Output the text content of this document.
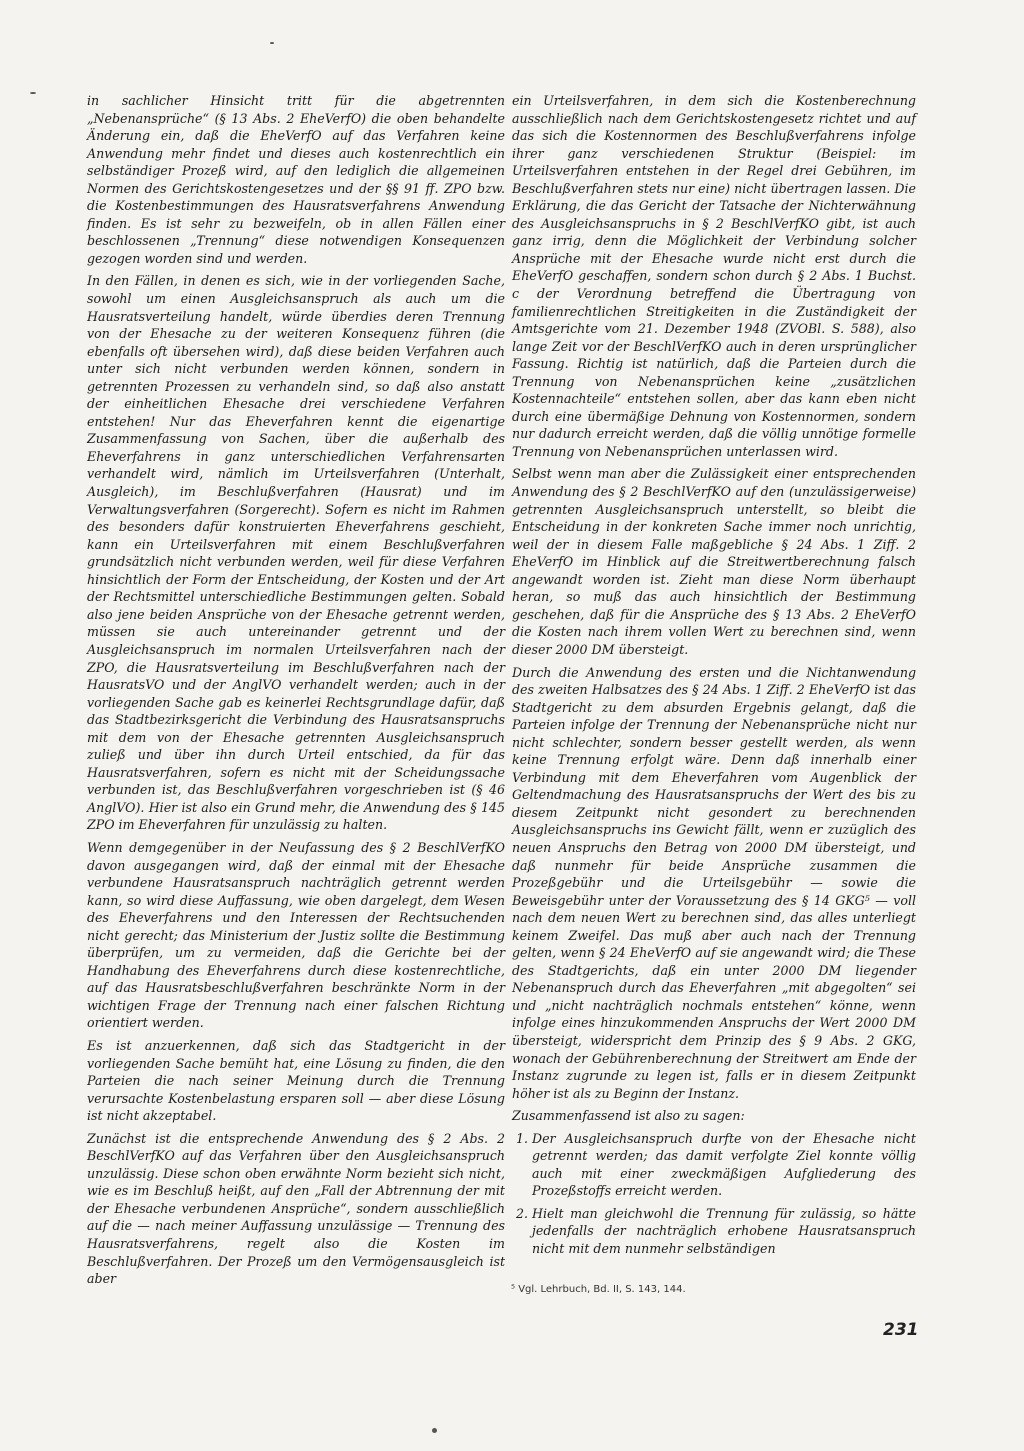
in sachlicher Hinsicht tritt für die abgetrennten „Nebenansprüche“ (§ 13 Abs. 2 EheVerfO) die oben behandelte Änderung ein, daß die EheVerfO auf das Verfahren keine Anwendung mehr findet und dieses auch kostenrechtlich ein selbständiger Prozeß wird, auf den lediglich die allgemeinen Normen des Gerichtskostengesetzes und der §§ 91 ff. ZPO bzw. die Kostenbestimmungen des Hausratsverfahrens Anwendung finden. Es ist sehr zu bezweifeln, ob in allen Fällen einer beschlossenen „Trennung“ diese notwendigen Konsequenzen gezogen worden sind und werden.

In den Fällen, in denen es sich, wie in der vorliegenden Sache, sowohl um einen Ausgleichsanspruch als auch um die Hausratsverteilung handelt, würde überdies deren Trennung von der Ehesache zu der weiteren Konsequenz führen (die ebenfalls oft übersehen wird), daß diese beiden Verfahren auch unter sich nicht verbunden werden können, sondern in getrennten Prozessen zu verhandeln sind, so daß also anstatt der einheitlichen Ehesache drei verschiedene Verfahren entstehen! Nur das Eheverfahren kennt die eigenartige Zusammenfassung von Sachen, über die außerhalb des Eheverfahrens in ganz unterschiedlichen Verfahrensarten verhandelt wird, nämlich im Urteilsverfahren (Unterhalt, Ausgleich), im Beschlußverfahren (Hausrat) und im Verwaltungsverfahren (Sorgerecht). Sofern es nicht im Rahmen des besonders dafür konstruierten Eheverfahrens geschieht, kann ein Urteilsverfahren mit einem Beschlußverfahren grundsätzlich nicht verbunden werden, weil für diese Verfahren hinsichtlich der Form der Entscheidung, der Kosten und der Art der Rechtsmittel unterschiedliche Bestimmungen gelten. Sobald also jene beiden Ansprüche von der Ehesache getrennt werden, müssen sie auch untereinander getrennt und der Ausgleichsanspruch im normalen Urteilsverfahren nach der ZPO, die Hausratsverteilung im Beschlußverfahren nach der HausratsVO und der AnglVO verhandelt werden; auch in der vorliegenden Sache gab es keinerlei Rechtsgrundlage dafür, daß das Stadtbezirksgericht die Verbindung des Hausratsanspruchs mit dem von der Ehesache getrennten Ausgleichsanspruch zuließ und über ihn durch Urteil entschied, da für das Hausratsverfahren, sofern es nicht mit der Scheidungssache verbunden ist, das Beschlußverfahren vorgeschrieben ist (§ 46 AnglVO). Hier ist also ein Grund mehr, die Anwendung des § 145 ZPO im Eheverfahren für unzulässig zu halten.

Wenn demgegenüber in der Neufassung des § 2 BeschlVerfKO davon ausgegangen wird, daß der einmal mit der Ehesache verbundene Hausratsanspruch nachträglich getrennt werden kann, so wird diese Auffassung, wie oben dargelegt, dem Wesen des Eheverfahrens und den Interessen der Rechtsuchenden nicht gerecht; das Ministerium der Justiz sollte die Bestimmung überprüfen, um zu vermeiden, daß die Gerichte bei der Handhabung des Eheverfahrens durch diese kostenrechtliche, auf das Hausratsbeschlußverfahren beschränkte Norm in der wichtigen Frage der Trennung nach einer falschen Richtung orientiert werden.

Es ist anzuerkennen, daß sich das Stadtgericht in der vorliegenden Sache bemüht hat, eine Lösung zu finden, die den Parteien die nach seiner Meinung durch die Trennung verursachte Kostenbelastung ersparen soll — aber diese Lösung ist nicht akzeptabel.

Zunächst ist die entsprechende Anwendung des § 2 Abs. 2 BeschlVerfKO auf das Verfahren über den Ausgleichsanspruch unzulässig. Diese schon oben erwähnte Norm bezieht sich nicht, wie es im Beschluß heißt, auf den „Fall der Abtrennung der mit der Ehesache verbundenen Ansprüche“, sondern ausschließlich auf die — nach meiner Auffassung unzulässige — Trennung des Hausratsverfahrens, regelt also die Kosten im Beschlußverfahren. Der Prozeß um den Vermögensausgleich ist aber

ein Urteilsverfahren, in dem sich die Kostenberechnung ausschließlich nach dem Gerichtskostengesetz richtet und auf das sich die Kostennormen des Beschlußverfahrens infolge ihrer ganz verschiedenen Struktur (Beispiel: im Urteilsverfahren entstehen in der Regel drei Gebühren, im Beschlußverfahren stets nur eine) nicht übertragen lassen. Die Erklärung, die das Gericht der Tatsache der Nichterwähnung des Ausgleichsanspruchs in § 2 BeschlVerfKO gibt, ist auch ganz irrig, denn die Möglichkeit der Verbindung solcher Ansprüche mit der Ehesache wurde nicht erst durch die EheVerfO geschaffen, sondern schon durch § 2 Abs. 1 Buchst. c der Verordnung betreffend die Übertragung von familienrechtlichen Streitigkeiten in die Zuständigkeit der Amtsgerichte vom 21. Dezember 1948 (ZVOBl. S. 588), also lange Zeit vor der BeschlVerfKO auch in deren ursprünglicher Fassung. Richtig ist natürlich, daß die Parteien durch die Trennung von Nebenansprüchen keine „zusätzlichen Kostennachteile“ entstehen sollen, aber das kann eben nicht durch eine übermäßige Dehnung von Kostennormen, sondern nur dadurch erreicht werden, daß die völlig unnötige formelle Trennung von Nebenansprüchen unterlassen wird.

Selbst wenn man aber die Zulässigkeit einer entsprechenden Anwendung des § 2 BeschlVerfKO auf den (unzulässigerweise) getrennten Ausgleichsanspruch unterstellt, so bleibt die Entscheidung in der konkreten Sache immer noch unrichtig, weil der in diesem Falle maßgebliche § 24 Abs. 1 Ziff. 2 EheVerfO im Hinblick auf die Streitwertberechnung falsch angewandt worden ist. Zieht man diese Norm überhaupt heran, so muß das auch hinsichtlich der Bestimmung geschehen, daß für die Ansprüche des § 13 Abs. 2 EheVerfO die Kosten nach ihrem vollen Wert zu berechnen sind, wenn dieser 2000 DM übersteigt.

Durch die Anwendung des ersten und die Nichtanwendung des zweiten Halbsatzes des § 24 Abs. 1 Ziff. 2 EheVerfO ist das Stadtgericht zu dem absurden Ergebnis gelangt, daß die Parteien infolge der Trennung der Nebenansprüche nicht nur nicht schlechter, sondern besser gestellt werden, als wenn keine Trennung erfolgt wäre. Denn daß innerhalb einer Verbindung mit dem Eheverfahren vom Augenblick der Geltendmachung des Hausratsanspruchs der Wert des bis zu diesem Zeitpunkt nicht gesondert zu berechnenden Ausgleichsanspruchs ins Gewicht fällt, wenn er zuzüglich des neuen Anspruchs den Betrag von 2000 DM übersteigt, und daß nunmehr für beide Ansprüche zusammen die Prozeßgebühr und die Urteilsgebühr — sowie die Beweisgebühr unter der Voraussetzung des § 14 GKG⁵ — voll nach dem neuen Wert zu berechnen sind, das alles unterliegt keinem Zweifel. Das muß aber auch nach der Trennung gelten, wenn § 24 EheVerfO auf sie angewandt wird; die These des Stadtgerichts, daß ein unter 2000 DM liegender Nebenanspruch durch das Eheverfahren „mit abgegolten“ sei und „nicht nachträglich nochmals entstehen“ könne, wenn infolge eines hinzukommenden Anspruchs der Wert 2000 DM übersteigt, widerspricht dem Prinzip des § 9 Abs. 2 GKG, wonach der Gebührenberechnung der Streitwert am Ende der Instanz zugrunde zu legen ist, falls er in diesem Zeitpunkt höher ist als zu Beginn der Instanz.

Zusammenfassend ist also zu sagen:

1. Der Ausgleichsanspruch durfte von der Ehesache nicht getrennt werden; das damit verfolgte Ziel konnte völlig auch mit einer zweckmäßigen Aufgliederung des Prozeßstoffs erreicht werden.
2. Hielt man gleichwohl die Trennung für zulässig, so hätte jedenfalls der nachträglich erhobene Hausratsanspruch nicht mit dem nunmehr selbständigen
⁵ Vgl. Lehrbuch, Bd. II, S. 143, 144.
231
